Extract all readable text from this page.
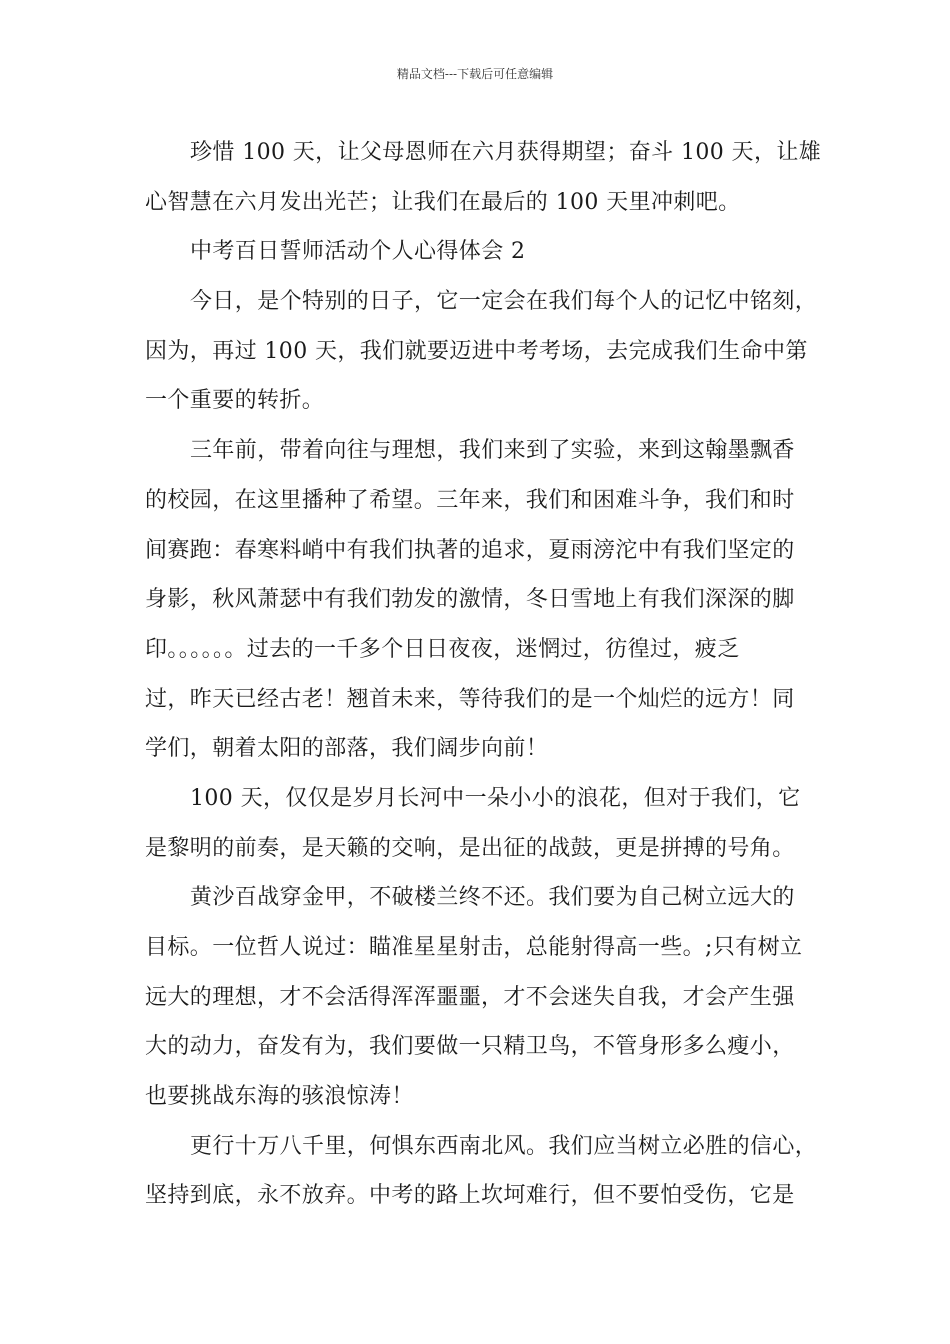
精品文档---下载后可任意编辑
珍惜 100 天，让父母恩师在六月获得期望；奋斗 100 天，让雄
心智慧在六月发出光芒；让我们在最后的 100 天里冲刺吧。
中考百日誓师活动个人心得体会 2
今日，是个特别的日子，它一定会在我们每个人的记忆中铭刻，
因为，再过 100 天，我们就要迈进中考考场，去完成我们生命中第
一个重要的转折。
三年前，带着向往与理想，我们来到了实验，来到这翰墨飘香
的校园，在这里播种了希望。三年来，我们和困难斗争，我们和时
间赛跑：春寒料峭中有我们执著的追求，夏雨滂沱中有我们坚定的
身影，秋风萧瑟中有我们勃发的激情，冬日雪地上有我们深深的脚
印。。。。。。过去的一千多个日日夜夜，迷惘过，彷徨过，疲乏
过，昨天已经古老！翘首未来，等待我们的是一个灿烂的远方！同
学们，朝着太阳的部落，我们阔步向前！
100 天，仅仅是岁月长河中一朵小小的浪花，但对于我们，它
是黎明的前奏，是天籁的交响，是出征的战鼓，更是拼搏的号角。
黄沙百战穿金甲，不破楼兰终不还。我们要为自己树立远大的
目标。一位哲人说过：瞄准星星射击，总能射得高一些。;只有树立
远大的理想，才不会活得浑浑噩噩，才不会迷失自我，才会产生强
大的动力，奋发有为，我们要做一只精卫鸟，不管身形多么瘦小，
也要挑战东海的骇浪惊涛！
更行十万八千里，何惧东西南北风。我们应当树立必胜的信心，
坚持到底，永不放弃。中考的路上坎坷难行，但不要怕受伤，它是
